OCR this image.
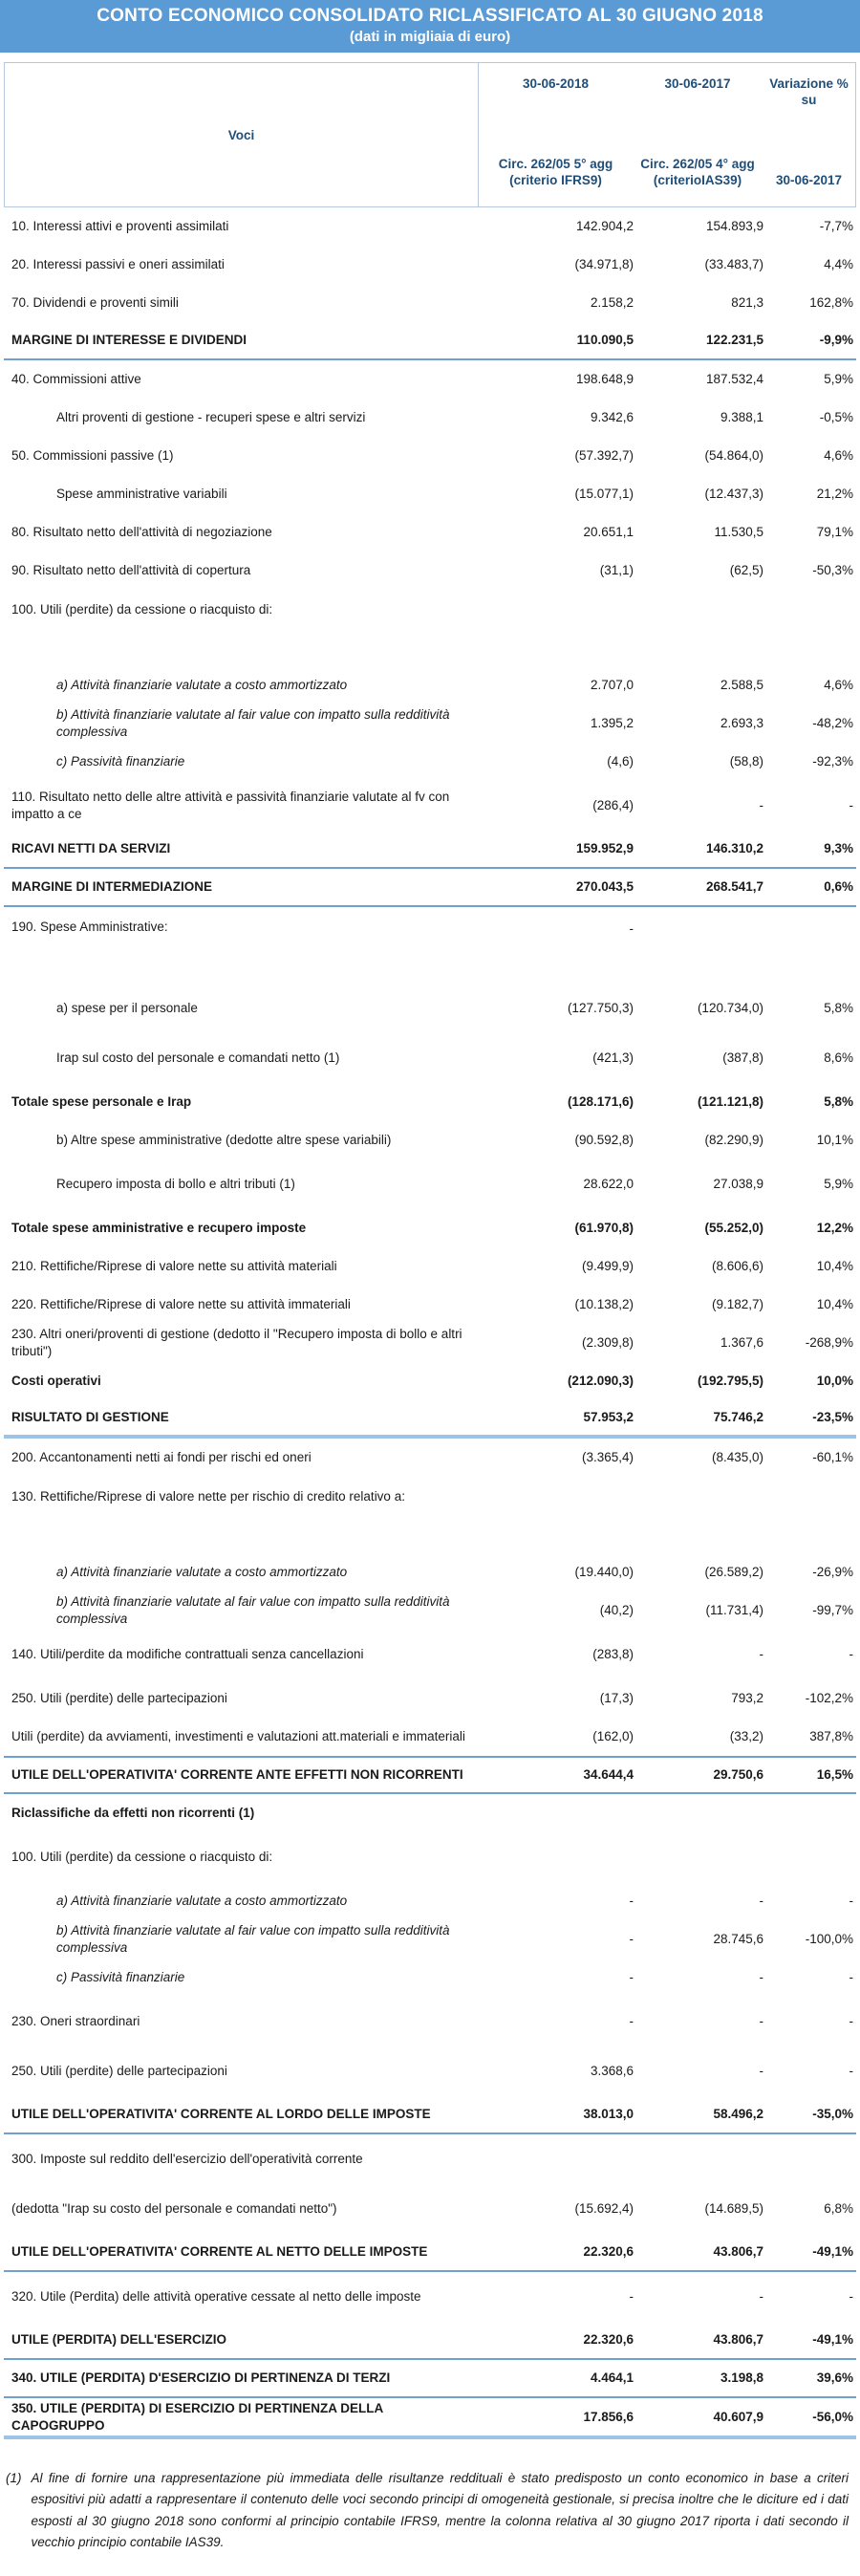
CONTO ECONOMICO CONSOLIDATO RICLASSIFICATO AL 30 GIUGNO 2018
(dati in migliaia di euro)
Voci
30-06-2018
Circ. 262/05 5° agg (criterio IFRS9)
30-06-2017
Circ. 262/05 4° agg (criterioIAS39)
Variazione % su
30-06-2017
10. Interessi attivi e proventi assimilati	142.904,2	154.893,9	-7,7%
20. Interessi passivi e oneri assimilati	(34.971,8)	(33.483,7)	4,4%
70. Dividendi e proventi simili	2.158,2	821,3	162,8%
MARGINE DI INTERESSE E DIVIDENDI	110.090,5	122.231,5	-9,9%
40. Commissioni attive	198.648,9	187.532,4	5,9%
Altri proventi di gestione - recuperi spese e altri servizi	9.342,6	9.388,1	-0,5%
50. Commissioni passive (1)	(57.392,7)	(54.864,0)	4,6%
Spese amministrative variabili	(15.077,1)	(12.437,3)	21,2%
80. Risultato netto dell'attività di negoziazione	20.651,1	11.530,5	79,1%
90. Risultato netto dell'attività di copertura	(31,1)	(62,5)	-50,3%
100. Utili (perdite) da cessione o riacquisto di:
a) Attività finanziarie valutate a costo ammortizzato	2.707,0	2.588,5	4,6%
b) Attività finanziarie valutate al fair value con impatto sulla redditività complessiva
1.395,2	2.693,3	-48,2%
c) Passività finanziarie	(4,6)	(58,8)	-92,3%
110. Risultato netto delle altre attività e passività finanziarie valutate al fv con impatto a ce
(286,4)	-	-
RICAVI NETTI DA SERVIZI	159.952,9	146.310,2	9,3%
MARGINE DI INTERMEDIAZIONE	270.043,5	268.541,7	0,6%
190. Spese Amministrative:	-
a) spese per il personale	(127.750,3)	(120.734,0)	5,8%
Irap sul costo del personale e comandati netto (1)	(421,3)	(387,8)	8,6%
Totale spese personale e Irap	(128.171,6)	(121.121,8)	5,8%
b) Altre spese amministrative (dedotte altre spese variabili)	(90.592,8)	(82.290,9)	10,1%
Recupero imposta di bollo e altri tributi (1)	28.622,0	27.038,9	5,9%
Totale spese amministrative e recupero imposte	(61.970,8)	(55.252,0)	12,2%
210. Rettifiche/Riprese di valore nette su attività materiali	(9.499,9)	(8.606,6)	10,4%
220. Rettifiche/Riprese di valore nette su attività immateriali	(10.138,2)	(9.182,7)	10,4%
230. Altri oneri/proventi di gestione (dedotto il "Recupero imposta di bollo e altri tributi")
(2.309,8)	1.367,6	-268,9%
Costi operativi	(212.090,3)	(192.795,5)	10,0%
RISULTATO DI GESTIONE	57.953,2	75.746,2	-23,5%
200. Accantonamenti netti ai fondi per rischi ed oneri	(3.365,4)	(8.435,0)	-60,1%
130. Rettifiche/Riprese di valore nette per rischio di credito relativo a:
a) Attività finanziarie valutate a costo ammortizzato	(19.440,0)	(26.589,2)	-26,9%
b) Attività finanziarie valutate al fair value con impatto sulla redditività complessiva
(40,2)	(11.731,4)	-99,7%
140. Utili/perdite da modifiche contrattuali senza cancellazioni	(283,8)	-	-
250. Utili (perdite) delle partecipazioni	(17,3)	793,2	-102,2%
Utili (perdite) da avviamenti, investimenti e valutazioni att.materiali e immateriali	(162,0)	(33,2)	387,8%
UTILE DELL'OPERATIVITA' CORRENTE ANTE EFFETTI NON RICORRENTI	34.644,4	29.750,6	16,5%
Riclassifiche da effetti non ricorrenti (1)
100. Utili (perdite) da cessione o riacquisto di:
a) Attività finanziarie valutate a costo ammortizzato	-	-	-
b) Attività finanziarie valutate al fair value con impatto sulla redditività complessiva
-	28.745,6	-100,0%
c) Passività finanziarie	-	-	-
230. Oneri straordinari	-	-	-
250. Utili (perdite) delle partecipazioni	3.368,6	-	-
UTILE DELL'OPERATIVITA' CORRENTE AL LORDO DELLE IMPOSTE	38.013,0	58.496,2	-35,0%
300. Imposte sul reddito dell'esercizio dell'operatività corrente
(dedotta "Irap su costo del personale e comandati netto")	(15.692,4)	(14.689,5)	6,8%
UTILE DELL'OPERATIVITA' CORRENTE AL NETTO DELLE IMPOSTE	22.320,6	43.806,7	-49,1%
320. Utile (Perdita) delle attività operative cessate al netto delle imposte	-	-	-
UTILE (PERDITA) DELL'ESERCIZIO	22.320,6	43.806,7	-49,1%
340. UTILE (PERDITA) D'ESERCIZIO DI PERTINENZA DI TERZI	4.464,1	3.198,8	39,6%
350. UTILE (PERDITA) DI ESERCIZIO DI PERTINENZA DELLA CAPOGRUPPO
17.856,6	40.607,9	-56,0%
(1) Al fine di fornire una rappresentazione più immediata delle risultanze reddituali è stato predisposto un conto economico in base a criteri espositivi più adatti a rappresentare il contenuto delle voci secondo principi di omogeneità gestionale, si precisa inoltre che le diciture ed i dati esposti al 30 giugno 2018 sono conformi al principio contabile IFRS9, mentre la colonna relativa al 30 giugno 2017 riporta i dati secondo il vecchio principio contabile IAS39.
